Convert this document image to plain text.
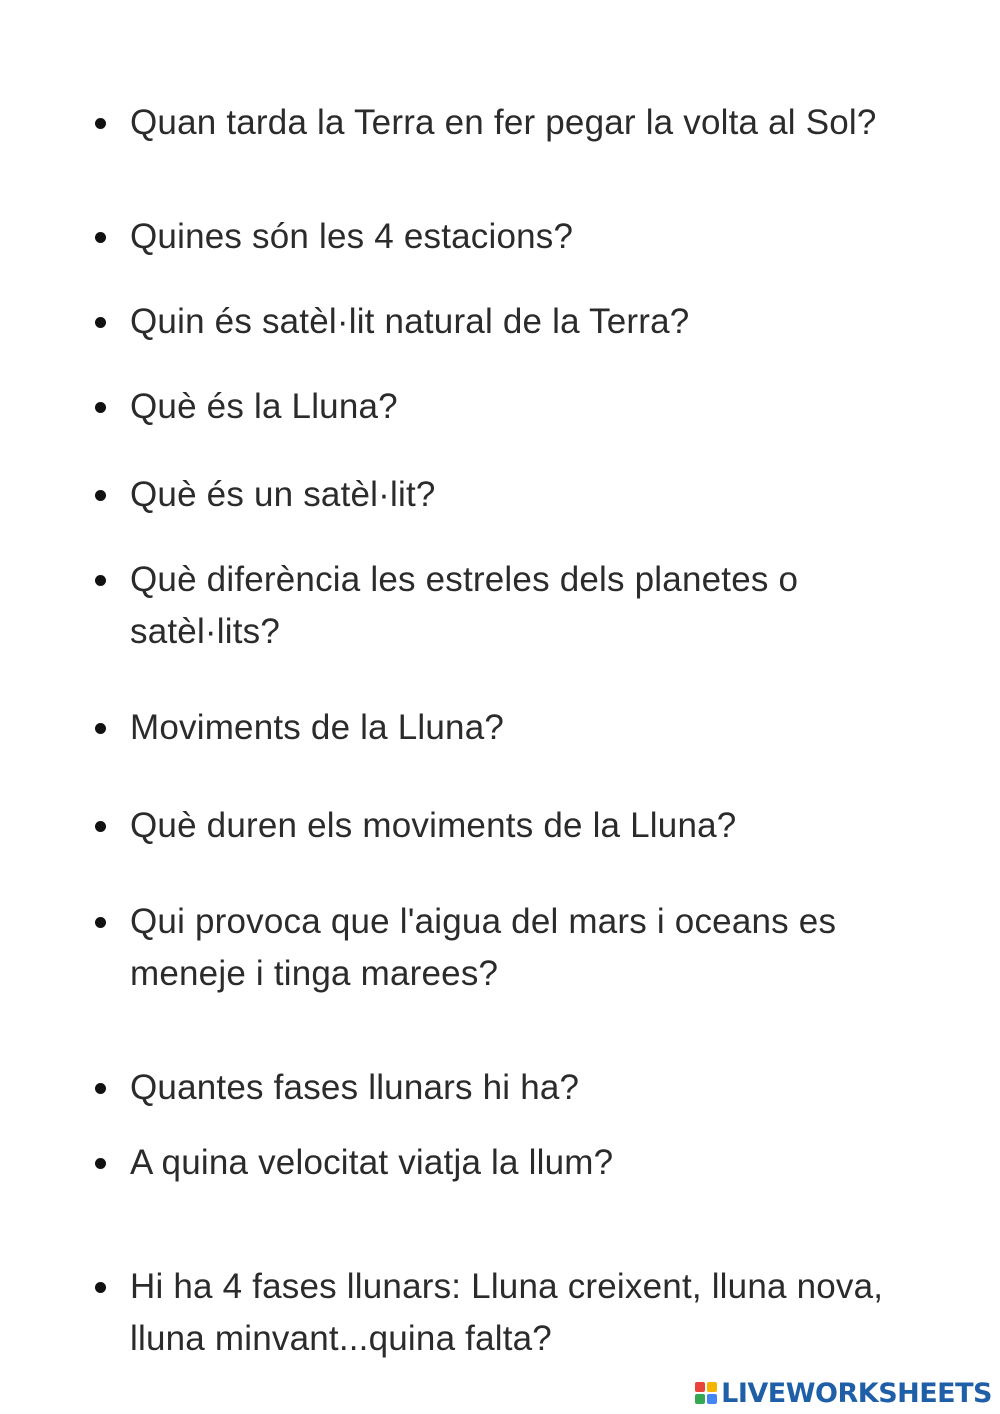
Quan tarda la Terra en fer pegar la volta al Sol?
Quines són les 4 estacions?
Quin és satèl·lit natural de la Terra?
Què és la Lluna?
Què és un satèl·lit?
Què diferència les estreles dels planetes o satèl·lits?
Moviments de la Lluna?
Què duren els moviments de la Lluna?
Qui provoca que l'aigua del mars i oceans es meneje i tinga marees?
Quantes fases llunars hi ha?
A quina velocitat viatja la llum?
Hi ha 4 fases llunars: Lluna creixent, lluna nova, lluna minvant...quina falta?
LIVEWORKSHEETS
